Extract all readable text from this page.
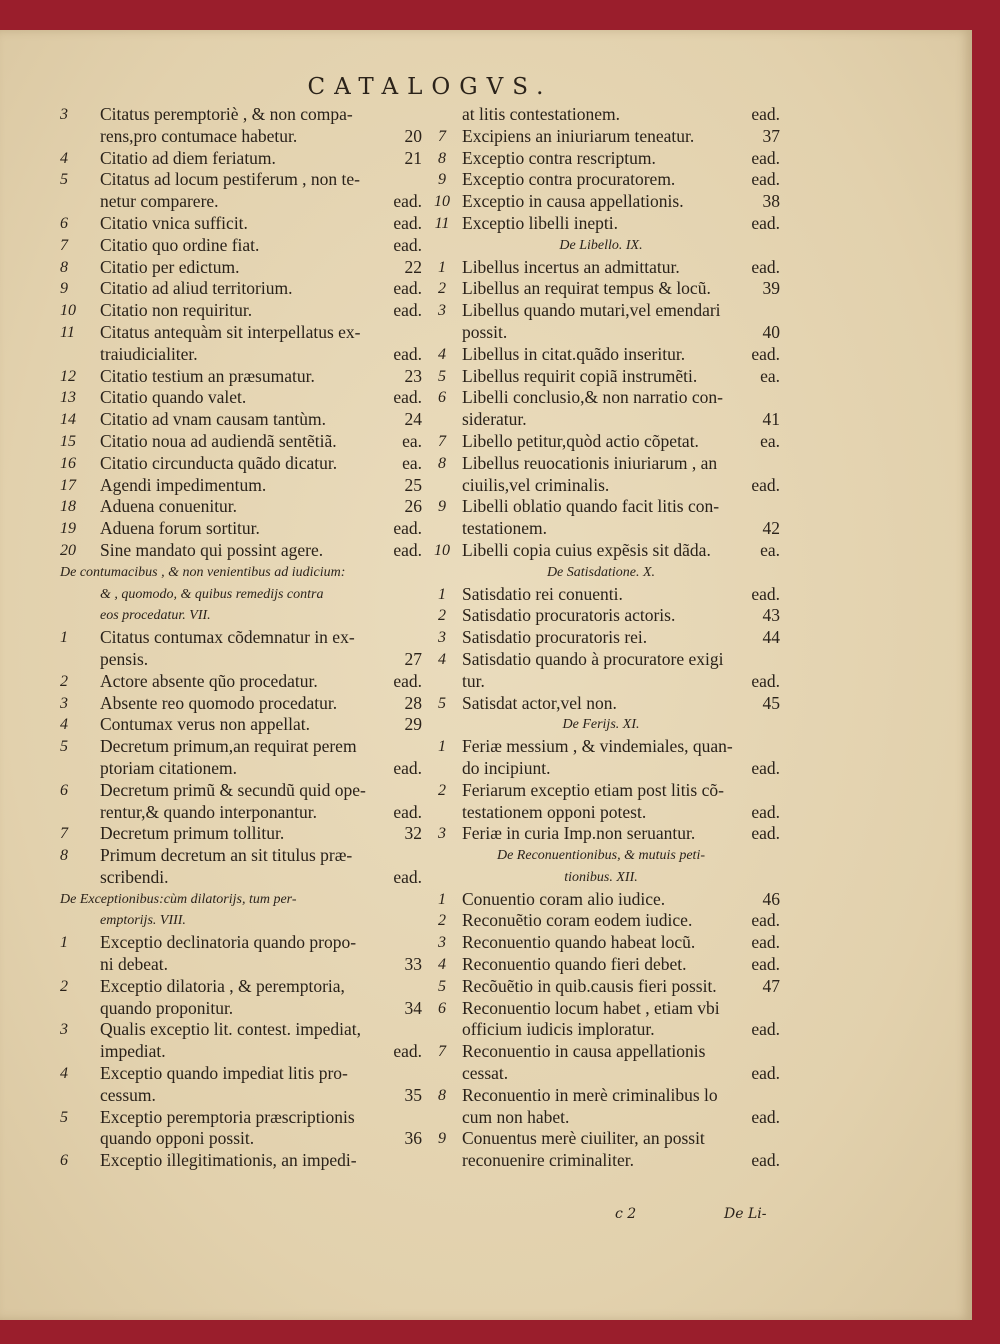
CATALOGVS.
3	Citatus peremptoriè , & non compa-
rens,pro contumace habetur.	20
4	Citatio ad diem feriatum.	21
5	Citatus ad locum pestiferum , non te-
netur comparere.	ead.
6	Citatio vnica sufficit.	ead.
7	Citatio quo ordine fiat.	ead.
8	Citatio per edictum.	22
9	Citatio ad aliud territorium.	ead.
10	Citatio non requiritur.	ead.
11	Citatus antequàm sit interpellatus ex-
traiudicialiter.	ead.
12	Citatio testium an præsumatur.	23
13	Citatio quando valet.	ead.
14	Citatio ad vnam causam tantùm.	24
15	Citatio noua ad audiendã sentẽtiã.	ea.
16	Citatio circunducta quãdo dicatur.	ea.
17	Agendi impedimentum.	25
18	Aduena conuenitur.	26
19	Aduena forum sortitur.	ead.
20	Sine mandato qui possint agere.	ead.
De contumacibus , & non venientibus ad iudicium:
& , quomodo, & quibus remedijs contra
eos procedatur. VII.
1	Citatus contumax cõdemnatur in ex-
pensis.	27
2	Actore absente qũo procedatur.	ead.
3	Absente reo quomodo procedatur.	28
4	Contumax verus non appellat.	29
5	Decretum primum,an requirat perem
ptoriam citationem.	ead.
6	Decretum primũ & secundũ quid ope-
rentur,& quando interponantur.	ead.
7	Decretum primum tollitur.	32
8	Primum decretum an sit titulus præ-
scribendi.	ead.
De Exceptionibus:cùm dilatorijs, tum per-
emptorijs. VIII.
1	Exceptio declinatoria quando propo-
ni debeat.	33
2	Exceptio dilatoria , & peremptoria,
quando proponitur.	34
3	Qualis exceptio lit. contest. impediat,
impediat.	ead.
4	Exceptio quando impediat litis pro-
cessum.	35
5	Exceptio peremptoria præscriptionis
quando opponi possit.	36
6	Exceptio illegitimationis, an impedi-
at litis contestationem.	ead.
7 Excipiens an iniuriarum teneatur.	37
8 Exceptio contra rescriptum.	ead.
9 Exceptio contra procuratorem.	ead.
10 Exceptio in causa appellationis.	38
11 Exceptio libelli inepti.	ead.
De Libello. IX.
1 Libellus incertus an admittatur.	ead.
2 Libellus an requirat tempus & locũ.	39
3 Libellus quando mutari,vel emendari
possit.	40
4 Libellus in citat.quãdo inseritur.	ead.
5 Libellus requirit copiã instrumẽti.	ea.
6 Libelli conclusio,& non narratio con-
sideratur.	41
7 Libello petitur,quòd actio cõpetat.	ea.
8 Libellus reuocationis iniuriarum , an
ciuilis,vel criminalis.	ead.
9 Libelli oblatio quando facit litis con-
testationem.	42
10 Libelli copia cuius expẽsis sit dãda.	ea.
De Satisdatione. X.
1 Satisdatio rei conuenti.	ead.
2 Satisdatio procuratoris actoris.	43
3 Satisdatio procuratoris rei.	44
4 Satisdatio quando à procuratore exigi
tur.	ead.
5 Satisdat actor,vel non.	45
De Ferijs. XI.
1 Feriæ messium , & vindemiales, quan-
do incipiunt.	ead.
2 Feriarum exceptio etiam post litis cõ-
testationem opponi potest.	ead.
3 Feriæ in curia Imp.non seruantur.	ead.
De Reconuentionibus, & mutuis peti-
tionibus. XII.
1 Conuentio coram alio iudice.	46
2 Reconuẽtio coram eodem iudice.	ead.
3 Reconuentio quando habeat locũ.	ead.
4 Reconuentio quando fieri debet.	ead.
5 Recõuẽtio in quib.causis fieri possit.	47
6 Reconuentio locum habet , etiam vbi
officium iudicis imploratur.	ead.
7 Reconuentio in causa appellationis
cessat.	ead.
8 Reconuentio in merè criminalibus lo
cum non habet.	ead.
9 Conuentus merè ciuiliter, an possit
reconuenire criminaliter.	ead.
c 2	De Li-
